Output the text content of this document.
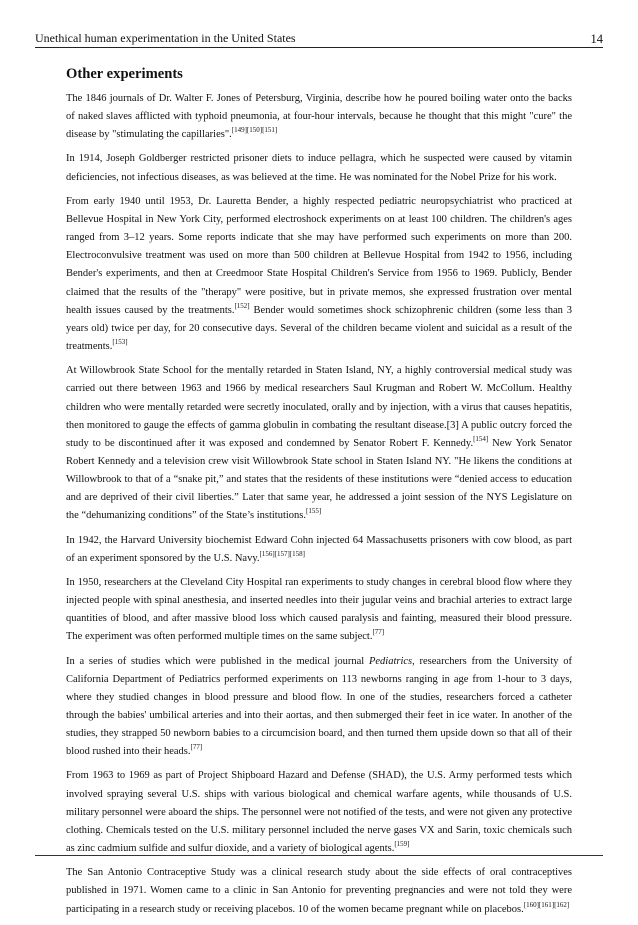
Unethical human experimentation in the United States	14
Other experiments

The 1846 journals of Dr. Walter F. Jones of Petersburg, Virginia, describe how he poured boiling water onto the backs of naked slaves afflicted with typhoid pneumonia, at four-hour intervals, because he thought that this might "cure" the disease by "stimulating the capillaries".[149][150][151]

In 1914, Joseph Goldberger restricted prisoner diets to induce pellagra, which he suspected were caused by vitamin deficiencies, not infectious diseases, as was believed at the time. He was nominated for the Nobel Prize for his work.

From early 1940 until 1953, Dr. Lauretta Bender, a highly respected pediatric neuropsychiatrist who practiced at Bellevue Hospital in New York City, performed electroshock experiments on at least 100 children. The children's ages ranged from 3–12 years. Some reports indicate that she may have performed such experiments on more than 200. Electroconvulsive treatment was used on more than 500 children at Bellevue Hospital from 1942 to 1956, including Bender's experiments, and then at Creedmoor State Hospital Children's Service from 1956 to 1969. Publicly, Bender claimed that the results of the "therapy" were positive, but in private memos, she expressed frustration over mental health issues caused by the treatments.[152] Bender would sometimes shock schizophrenic children (some less than 3 years old) twice per day, for 20 consecutive days. Several of the children became violent and suicidal as a result of the treatments.[153]

At Willowbrook State School for the mentally retarded in Staten Island, NY, a highly controversial medical study was carried out there between 1963 and 1966 by medical researchers Saul Krugman and Robert W. McCollum. Healthy children who were mentally retarded were secretly inoculated, orally and by injection, with a virus that causes hepatitis, then monitored to gauge the effects of gamma globulin in combating the resultant disease.[3] A public outcry forced the study to be discontinued after it was exposed and condemned by Senator Robert F. Kennedy.[154] New York Senator Robert Kennedy and a television crew visit Willowbrook State school in Staten Island NY. "He likens the conditions at Willowbrook to that of a “snake pit,” and states that the residents of these institutions were “denied access to education and are deprived of their civil liberties.” Later that same year, he addressed a joint session of the NYS Legislature on the “dehumanizing conditions” of the State’s institutions.[155]

In 1942, the Harvard University biochemist Edward Cohn injected 64 Massachusetts prisoners with cow blood, as part of an experiment sponsored by the U.S. Navy.[156][157][158]

In 1950, researchers at the Cleveland City Hospital ran experiments to study changes in cerebral blood flow where they injected people with spinal anesthesia, and inserted needles into their jugular veins and brachial arteries to extract large quantities of blood, and after massive blood loss which caused paralysis and fainting, measured their blood pressure. The experiment was often performed multiple times on the same subject.[77]

In a series of studies which were published in the medical journal Pediatrics, researchers from the University of California Department of Pediatrics performed experiments on 113 newborns ranging in age from 1-hour to 3 days, where they studied changes in blood pressure and blood flow. In one of the studies, researchers forced a catheter through the babies' umbilical arteries and into their aortas, and then submerged their feet in ice water. In another of the studies, they strapped 50 newborn babies to a circumcision board, and then turned them upside down so that all of their blood rushed into their heads.[77]

From 1963 to 1969 as part of Project Shipboard Hazard and Defense (SHAD), the U.S. Army performed tests which involved spraying several U.S. ships with various biological and chemical warfare agents, while thousands of U.S. military personnel were aboard the ships. The personnel were not notified of the tests, and were not given any protective clothing. Chemicals tested on the U.S. military personnel included the nerve gases VX and Sarin, toxic chemicals such as zinc cadmium sulfide and sulfur dioxide, and a variety of biological agents.[159]

The San Antonio Contraceptive Study was a clinical research study about the side effects of oral contraceptives published in 1971. Women came to a clinic in San Antonio for preventing pregnancies and were not told they were participating in a research study or receiving placebos. 10 of the women became pregnant while on placebos.[160][161][162]
